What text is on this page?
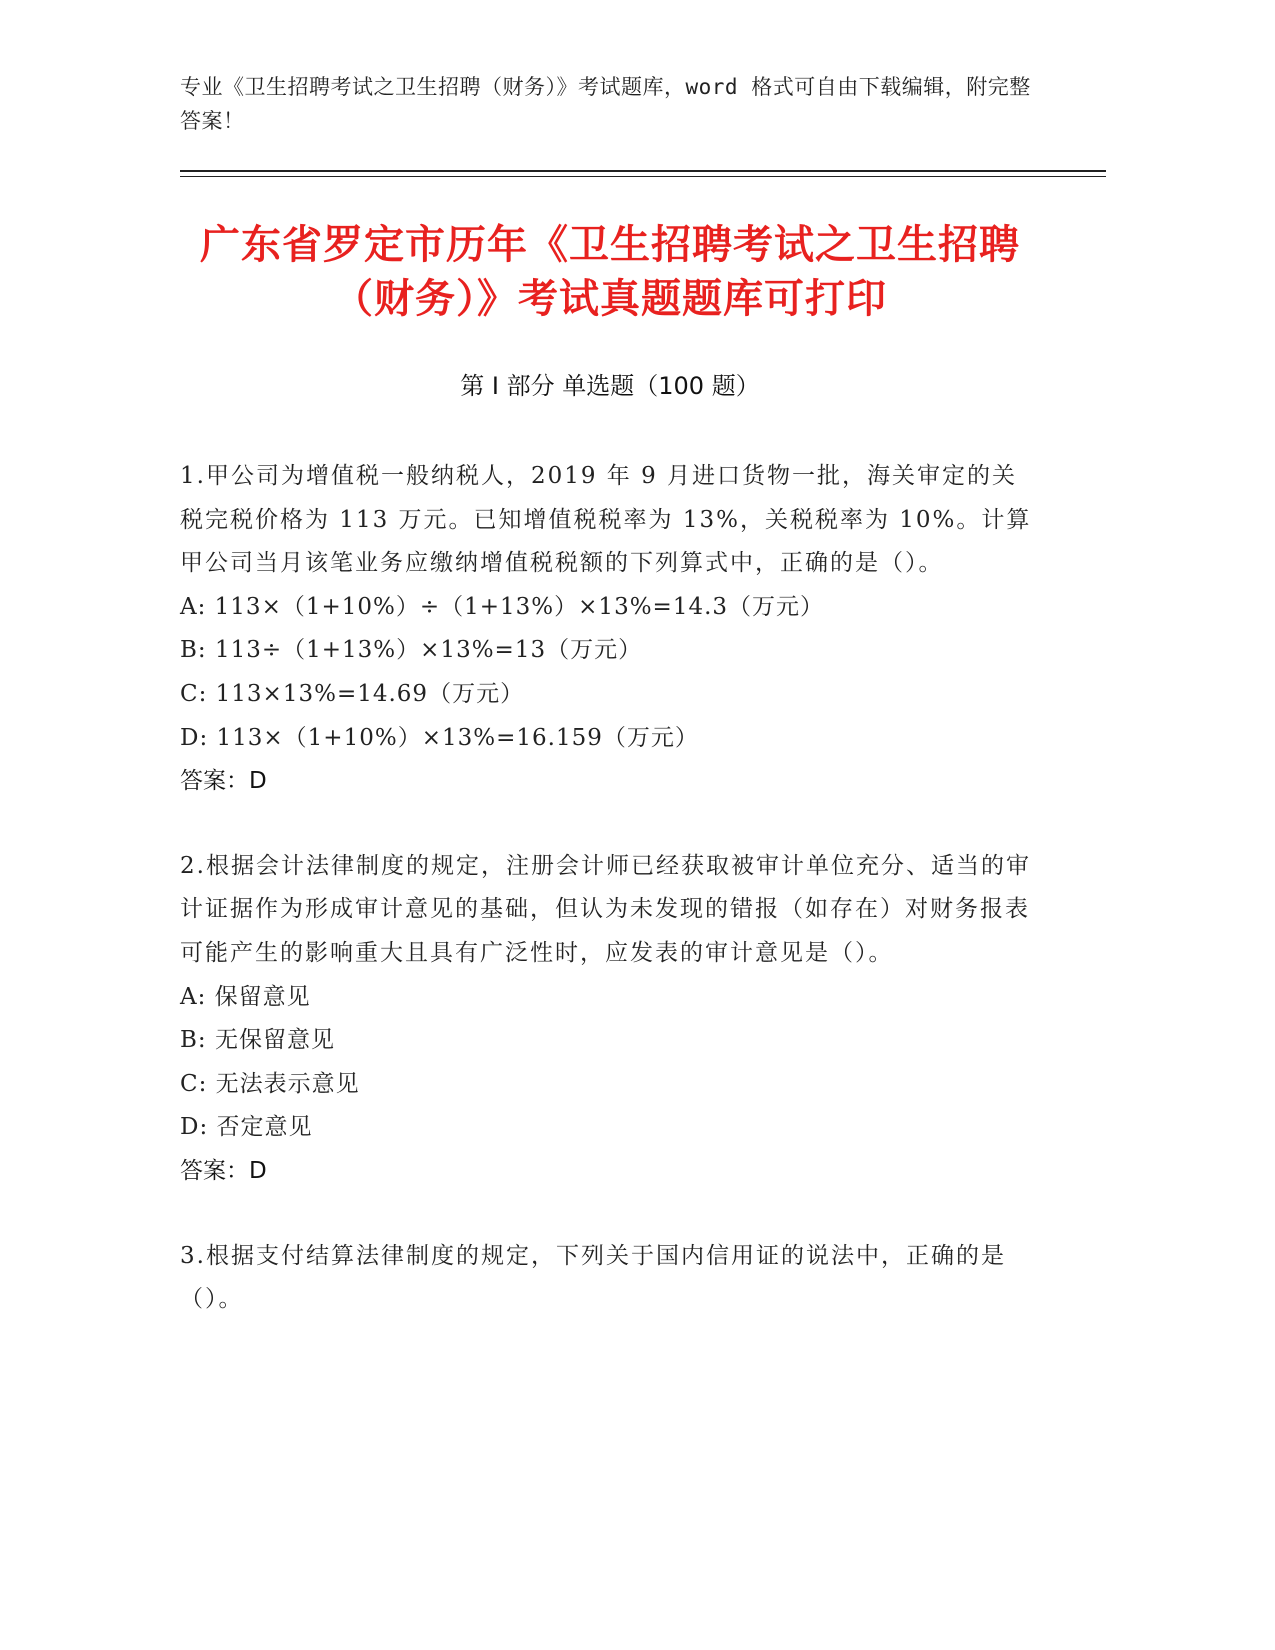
专业《卫生招聘考试之卫生招聘（财务）》考试题库，word 格式可自由下载编辑，附完整答案！
广东省罗定市历年《卫生招聘考试之卫生招聘（财务）》考试真题题库可打印
第 I 部分 单选题（100 题）

1.甲公司为增值税一般纳税人，2019 年 9 月进口货物一批，海关审定的关税完税价格为 113 万元。已知增值税税率为 13%，关税税率为 10%。计算甲公司当月该笔业务应缴纳增值税税额的下列算式中，正确的是（）。

A: 113×（1+10%）÷（1+13%）×13%=14.3（万元）

B: 113÷（1+13%）×13%=13（万元）

C: 113×13%=14.69（万元）

D: 113×（1+10%）×13%=16.159（万元）

答案：D

2.根据会计法律制度的规定，注册会计师已经获取被审计单位充分、适当的审计证据作为形成审计意见的基础，但认为未发现的错报（如存在）对财务报表可能产生的影响重大且具有广泛性时，应发表的审计意见是（）。

A: 保留意见

B: 无保留意见

C: 无法表示意见

D: 否定意见

答案：D

3.根据支付结算法律制度的规定，下列关于国内信用证的说法中，正确的是（）。
